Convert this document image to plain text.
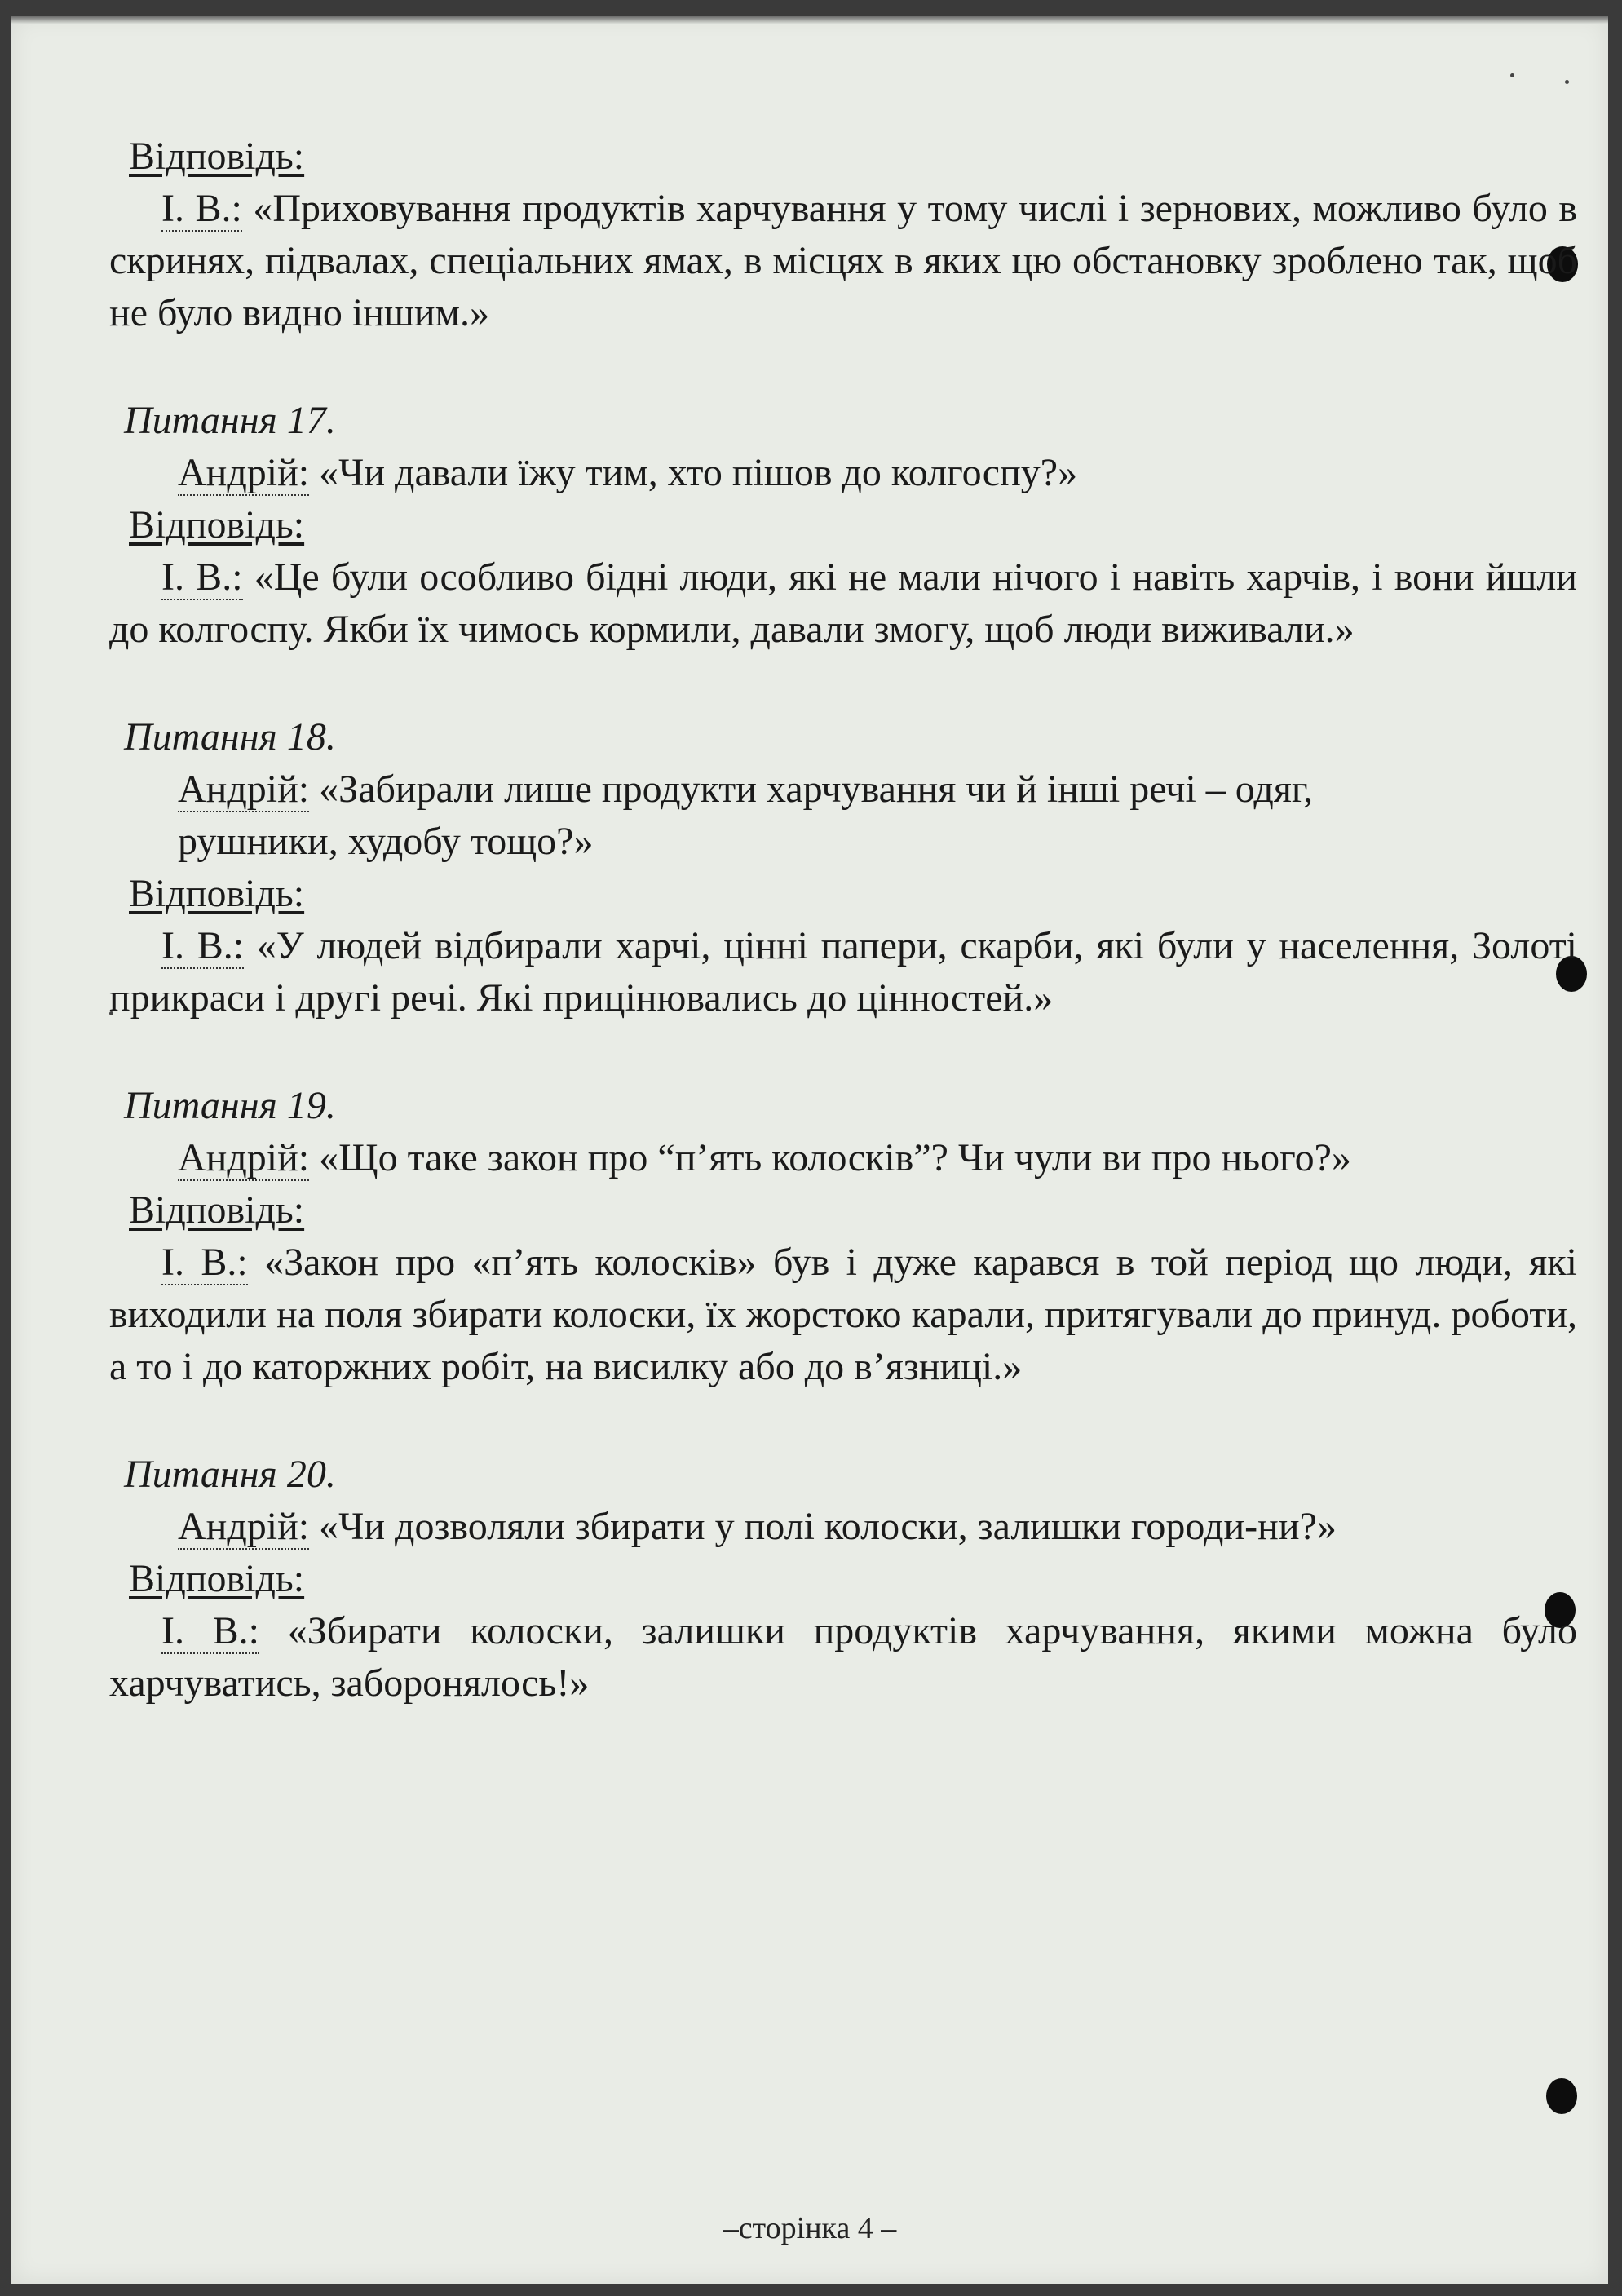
Відповідь:
І. В.: «Приховування продуктів харчування у тому числі і зернових, можливо було в скринях, підвалах, спеціальних ямах, в місцях в яких цю обстановку зроблено так, щоб не було видно іншим.»
Питання 17.
Андрій: «Чи давали їжу тим, хто пішов до колгоспу?»
Відповідь:
І. В.: «Це були особливо бідні люди, які не мали нічого і навіть харчів, і вони йшли до колгоспу. Якби їх чимось кормили, давали змогу, щоб люди виживали.»
Питання 18.
Андрій: «Забирали лише продукти харчування чи й інші речі – одяг, рушники, худобу тощо?»
Відповідь:
І. В.: «У людей відбирали харчі, цінні папери, скарби, які були у населення, Золоті прикраси і другі речі. Які прицінювались до цінностей.»
Питання 19.
Андрій: «Що таке закон про “п’ять колосків”? Чи чули ви про нього?»
Відповідь:
І. В.: «Закон про «п’ять колосків» був і дуже карався в той період що люди, які виходили на поля збирати колоски, їх жорстоко карали, притягували до принуд. роботи, а то і до каторжних робіт, на висилку або до в’язниці.»
Питання 20.
Андрій: «Чи дозволяли збирати у полі колоски, залишки городи-ни?»
Відповідь:
І. В.: «Збирати колоски, залишки продуктів харчування, якими можна було харчуватись, заборонялось!»
–сторінка 4 –
